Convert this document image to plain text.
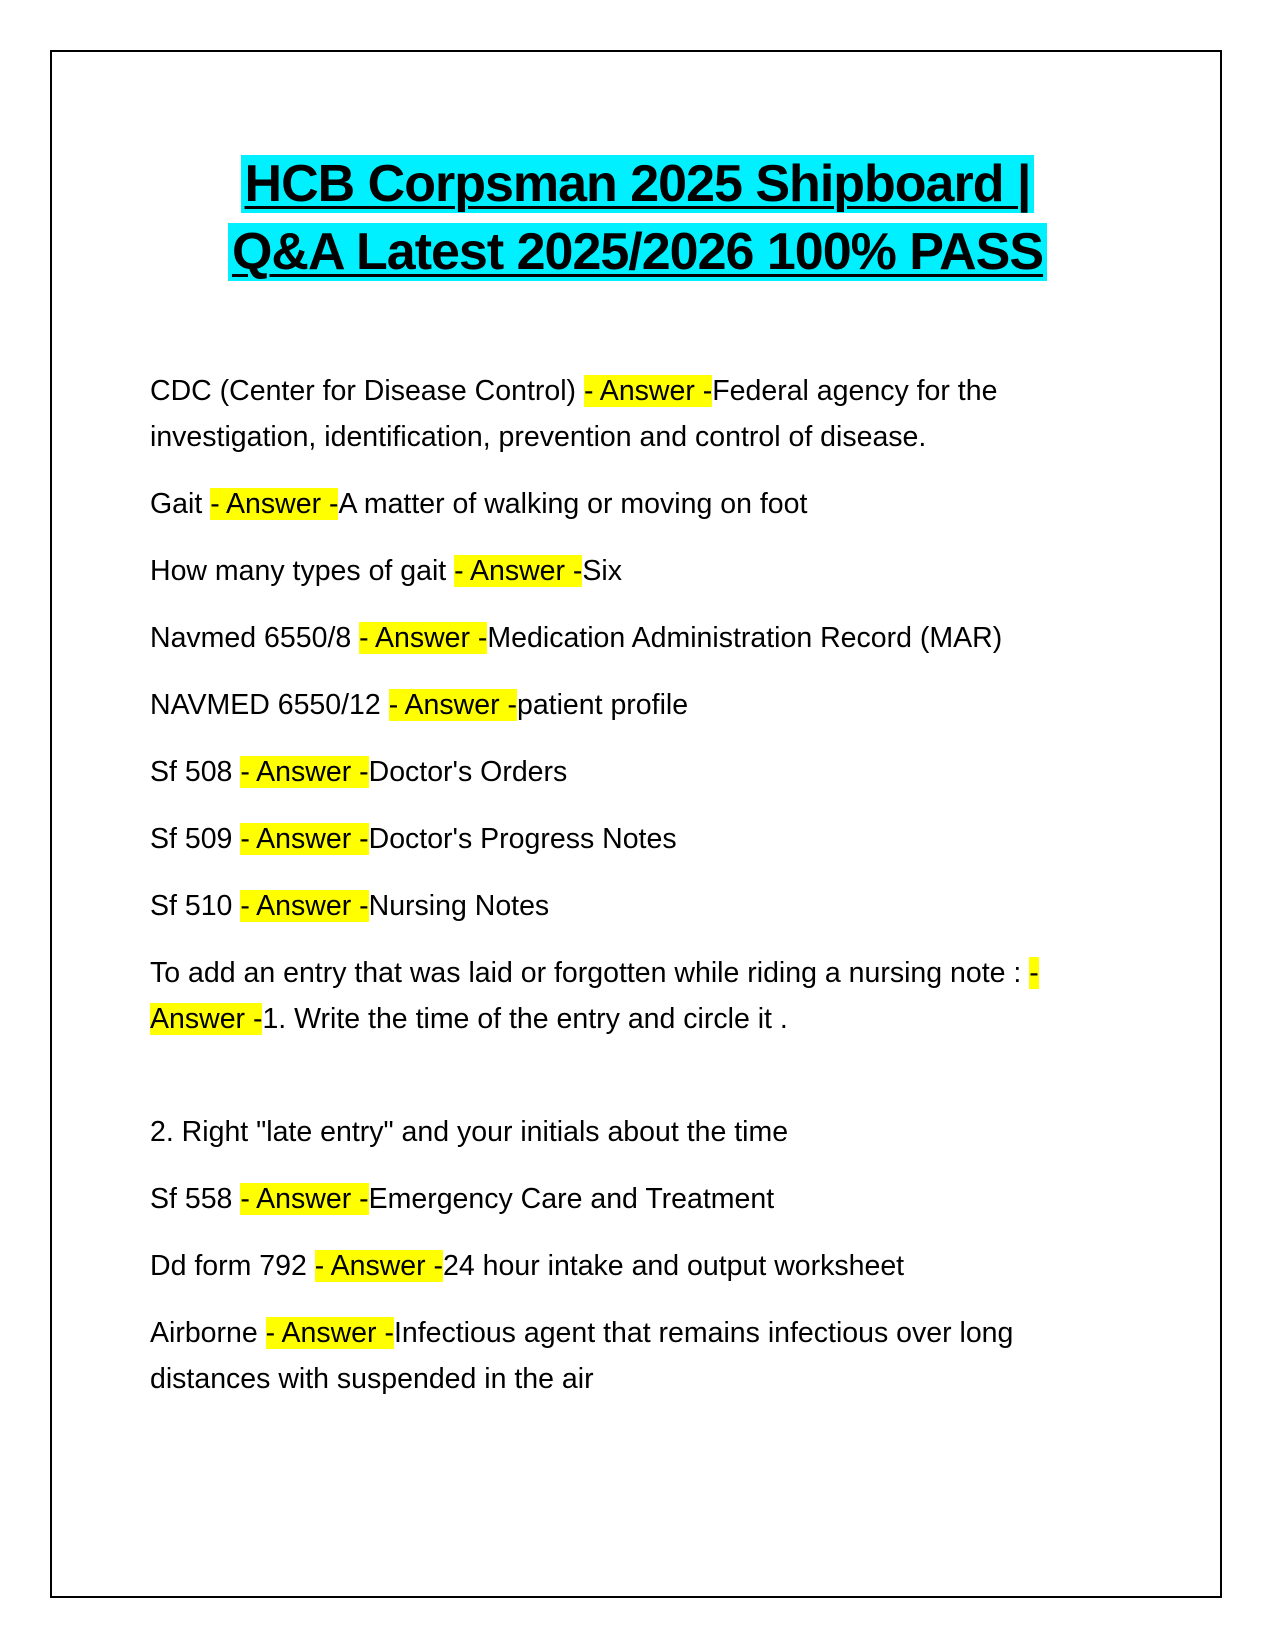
HCB Corpsman 2025 Shipboard |
Q&A Latest 2025/2026 100% PASS

CDC (Center for Disease Control) - Answer -Federal agency for the investigation, identification, prevention and control of disease.

Gait - Answer -A matter of walking or moving on foot

How many types of gait - Answer -Six

Navmed 6550/8 - Answer -Medication Administration Record (MAR)

NAVMED 6550/12 - Answer -patient profile

Sf 508 - Answer -Doctor's Orders

Sf 509 - Answer -Doctor's Progress Notes

Sf 510 - Answer -Nursing Notes

To add an entry that was laid or forgotten while riding a nursing note : - Answer -1. Write the time of the entry and circle it .

2. Right "late entry" and your initials about the time

Sf 558 - Answer -Emergency Care and Treatment

Dd form 792 - Answer -24 hour intake and output worksheet

Airborne - Answer -Infectious agent that remains infectious over long distances with suspended in the air
